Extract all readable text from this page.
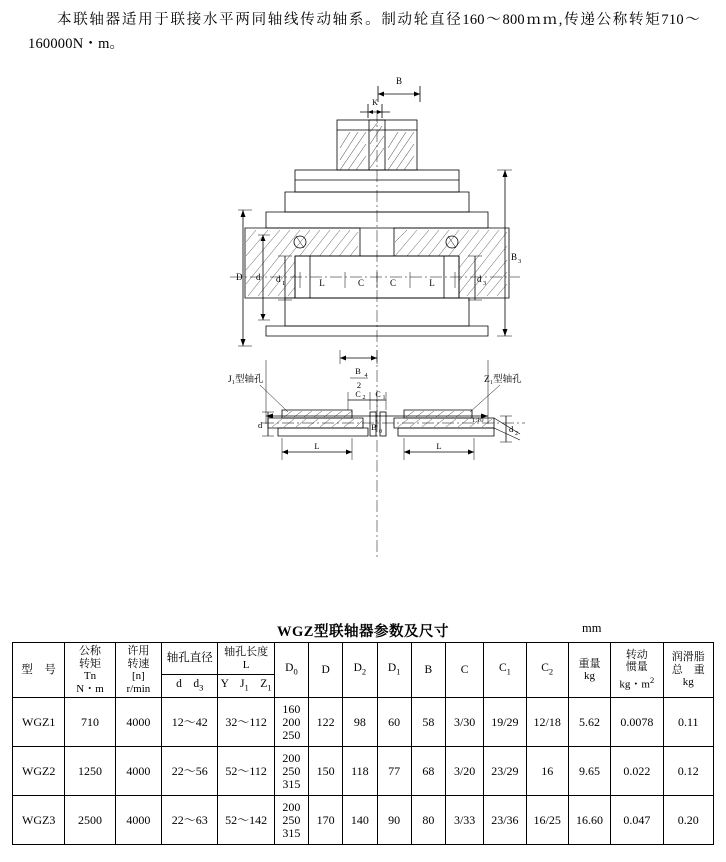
本联轴器适用于联接水平两同轴线传动轴系。制动轮直径160～800ｍｍ,传递公称转矩710～160000N・m。
B
K
B 3
D d d 1	d 3
L	C	C	L
B 4
2
B 0
J₁型轴孔	Z₁型轴孔
1:10
C 2 C 1
d	d 2
L	L
WGZ型联轴器参数及尺寸	mm
型　号	公称
转矩
Tn
N・m	许用
转速
[n]
r/min	轴孔直径	轴孔长度
L	$D_0$	D	$D_2$	$D_1$	B	C	$C_1$	$C_2$	重量
kg	转动
惯量
kg・$m^2$	润滑脂
总　重
kg

			d　$d_3$	Y　$J_1$　$Z_1$
WGZ1	710	4000	12～42	32～112	160
200
250	122	98	60	58	3/30	19/29	12/18	5.62	0.0078	0.11
WGZ2	1250	4000	22～56	52～112	200
250
315	150	118	77	68	3/20	23/29	16	9.65	0.022	0.12
WGZ3	2500	4000	22～63	52～142	200
250
315	170	140	90	80	3/33	23/36	16/25	16.60	0.047	0.20
